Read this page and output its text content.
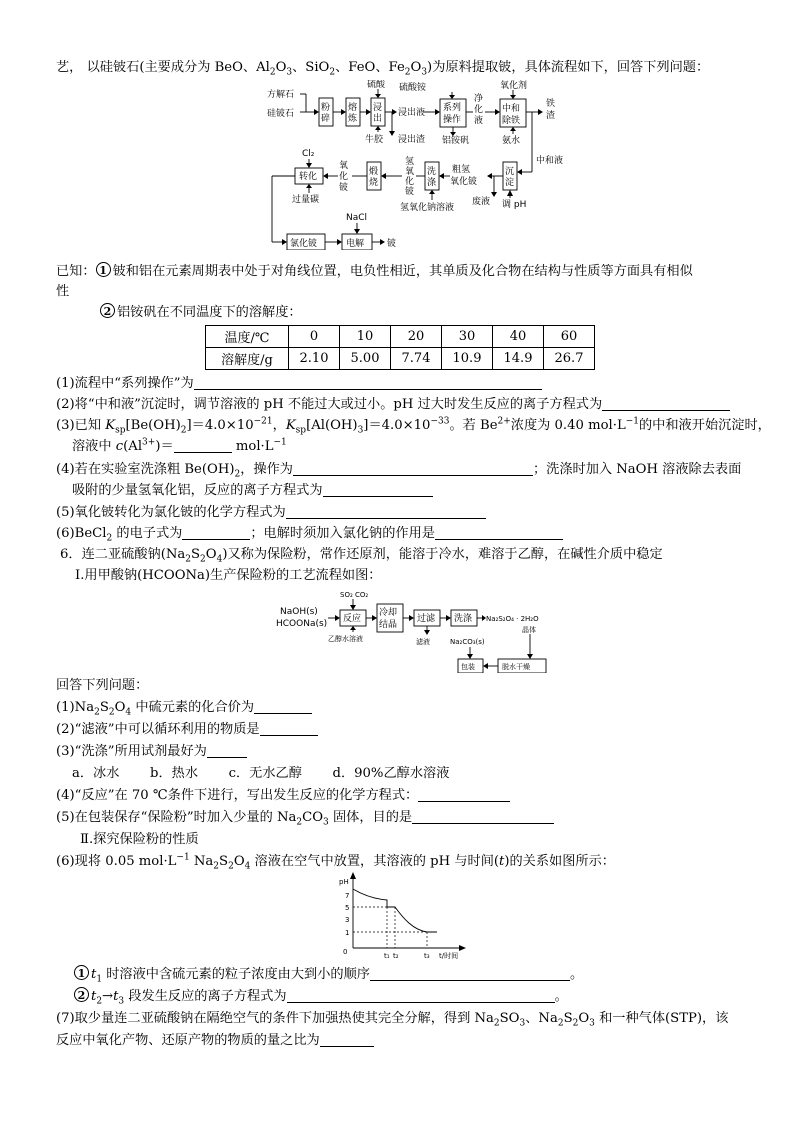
艺， 以硅铍石(主要成分为 BeO、$Al_2O_3$、SiO$_2$、FeO、$Fe_2O_3$)为原料提取铍，具体流程如下，回答下列问题：
方解石
硅铍石
粉
碎
熔
炼
硫酸
浸
出
牛胶
浸出液
浸出渣
硫酸铵
系列
操作
铝铵矾
净
化
液
氧化剂
中和
除铁
氨水
铁
渣
中和液
沉
淀
调 pH
废液
粗氢
氧化铍
洗
涤
氢氧化钠溶液
氢
氧
化
铍
煅
烧
氧
化
铍
Cl₂
转化
过量碳
氯化铍
NaCl
电解	铍
已知： 1 铍和铝在元素周期表中处于对角线位置，电负性相近，其单质及化合物在结构与性质等方面具有相似
性
2 铝铵矾在不同温度下的溶解度：
温度/℃	0	10	20	30	40	60
溶解度/g	2.10	5.00	7.74	10.9	14.9	26.7
(1)流程中“系列操作”为
(2)将“中和液”沉淀时，调节溶液的 pH 不能过大或过小。pH 过大时发生反应的离子方程式为
(3)已知 $K_{sp}[Be(OH)_2]=4.0\times 10^{-21}$，$K_{sp}[Al(OH)_3]=4.0\times 10^{-33}$。若 $Be^{2+}$浓度为 0.40 $mol\cdot L^{-1}$的中和液开始沉淀时，
溶液中 $c(Al^{3+})=$	$mol\cdot L^{-1}$
(4)若在实验室洗涤粗 $Be(OH)_2$，操作为	；洗涤时加入 NaOH 溶液除去表面
吸附的少量氢氧化铝，反应的离子方程式为
(5)氧化铍转化为氯化铍的化学方程式为
(6)BeCl$_2$ 的电子式为	；电解时须加入氯化钠的作用是
6．连二亚硫酸钠$(Na_2S_2O_4)$又称为保险粉，常作还原剂，能溶于冷水，难溶于乙醇，在碱性介质中稳定
Ⅰ.用甲酸钠(HCOONa)生产保险粉的工艺流程如图：
NaOH(s)
HCOONa(s)
SO₂ CO₂
反应
乙醇水溶液
冷却
结晶
过滤
滤液
洗涤 Na₂S₂O₄ · 2H₂O
晶体
脱水干燥
包装
Na₂CO₃(s)
回答下列问题：
$(1)Na_2S_2O_4$ 中硫元素的化合价为
(2)“滤液”中可以循环利用的物质是
(3)“洗涤”所用试剂最好为
a．冰水   b．热水   c．无水乙醇   d．90%乙醇水溶液
(4)“反应”在 70 ℃条件下进行，写出发生反应的化学方程式：
(5)在包装保存“保险粉”时加入少量的 $Na_2CO_3$ 固体，目的是
Ⅱ.探究保险粉的性质
(6)现将 0.05 $mol\cdot L^{-1}$ $Na_2S_2O_4$ 溶液在空气中放置，其溶液的 pH 与时间(t)的关系如图所示：
pH
t/时间
0
7
5
3
1
t₁ t₂	t₃
1 $t_1$ 时溶液中含硫元素的粒子浓度由大到小的顺序	。
2 $t_2\to t_3$ 段发生反应的离子方程式为	。
(7)取少量连二亚硫酸钠在隔绝空气的条件下加强热使其完全分解，得到 $Na_2SO_3$、$Na_2S_2O_3$ 和一种气体(STP)，该
反应中氧化产物、还原产物的物质的量之比为
